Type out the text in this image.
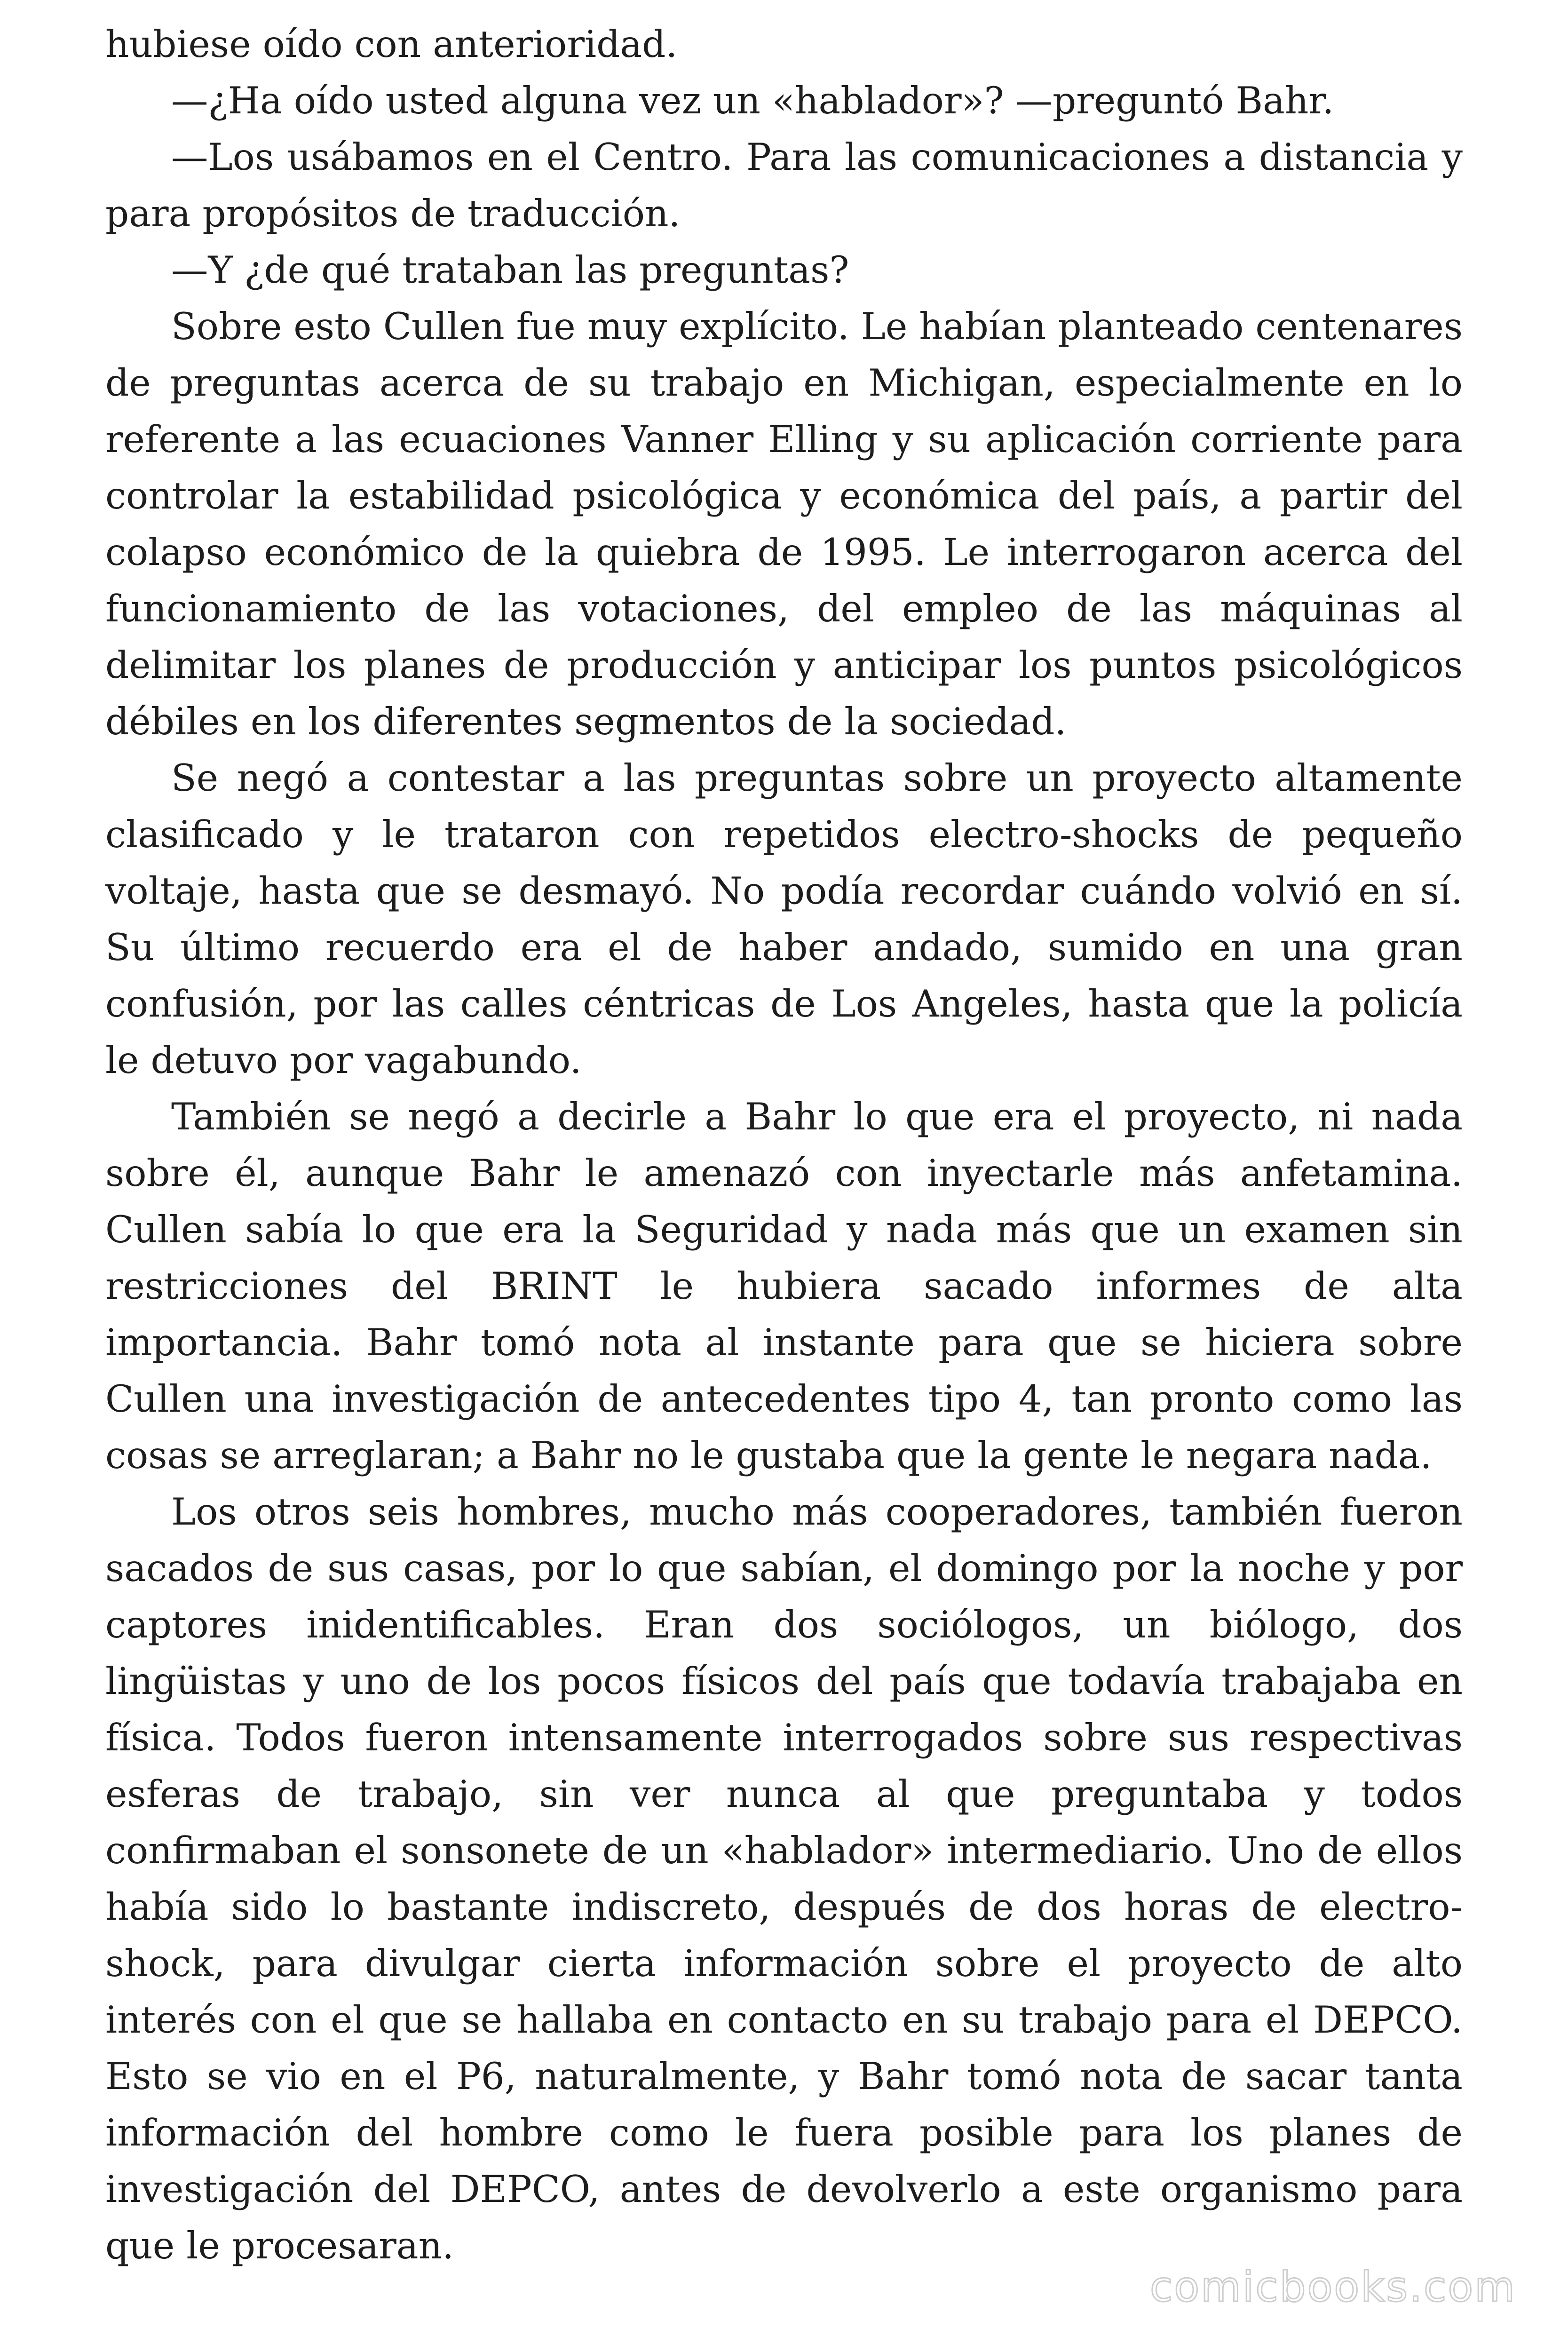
hubiese oído con anterioridad.

—¿Ha oído usted alguna vez un «hablador»? —preguntó Bahr.

—Los usábamos en el Centro. Para las comunicaciones a distancia y para propósitos de traducción.

—Y ¿de qué trataban las preguntas?

Sobre esto Cullen fue muy explícito. Le habían planteado centenares de preguntas acerca de su trabajo en Michigan, especialmente en lo referente a las ecuaciones Vanner Elling y su aplicación corriente para controlar la estabilidad psicológica y económica del país, a partir del colapso económico de la quiebra de 1995. Le interrogaron acerca del funcionamiento de las votaciones, del empleo de las máquinas al delimitar los planes de producción y anticipar los puntos psicológicos débiles en los diferentes segmentos de la sociedad.

Se negó a contestar a las preguntas sobre un proyecto altamente clasificado y le trataron con repetidos electro-shocks de pequeño voltaje, hasta que se desmayó. No podía recordar cuándo volvió en sí. Su último recuerdo era el de haber andado, sumido en una gran confusión, por las calles céntricas de Los Angeles, hasta que la policía le detuvo por vagabundo.

También se negó a decirle a Bahr lo que era el proyecto, ni nada sobre él, aunque Bahr le amenazó con inyectarle más anfetamina. Cullen sabía lo que era la Seguridad y nada más que un examen sin restricciones del BRINT le hubiera sacado informes de alta importancia. Bahr tomó nota al instante para que se hiciera sobre Cullen una investigación de antecedentes tipo 4, tan pronto como las cosas se arreglaran; a Bahr no le gustaba que la gente le negara nada.

Los otros seis hombres, mucho más cooperadores, también fueron sacados de sus casas, por lo que sabían, el domingo por la noche y por captores inidentificables. Eran dos sociólogos, un biólogo, dos lingüistas y uno de los pocos físicos del país que todavía trabajaba en física. Todos fueron intensamente interrogados sobre sus respectivas esferas de trabajo, sin ver nunca al que preguntaba y todos confirmaban el sonsonete de un «hablador» intermediario. Uno de ellos había sido lo bastante indiscreto, después de dos horas de electro-shock, para divulgar cierta información sobre el proyecto de alto interés con el que se hallaba en contacto en su trabajo para el DEPCO. Esto se vio en el P6, naturalmente, y Bahr tomó nota de sacar tanta información del hombre como le fuera posible para los planes de investigación del DEPCO, antes de devolverlo a este organismo para que le procesaran.

comicbooks.com
